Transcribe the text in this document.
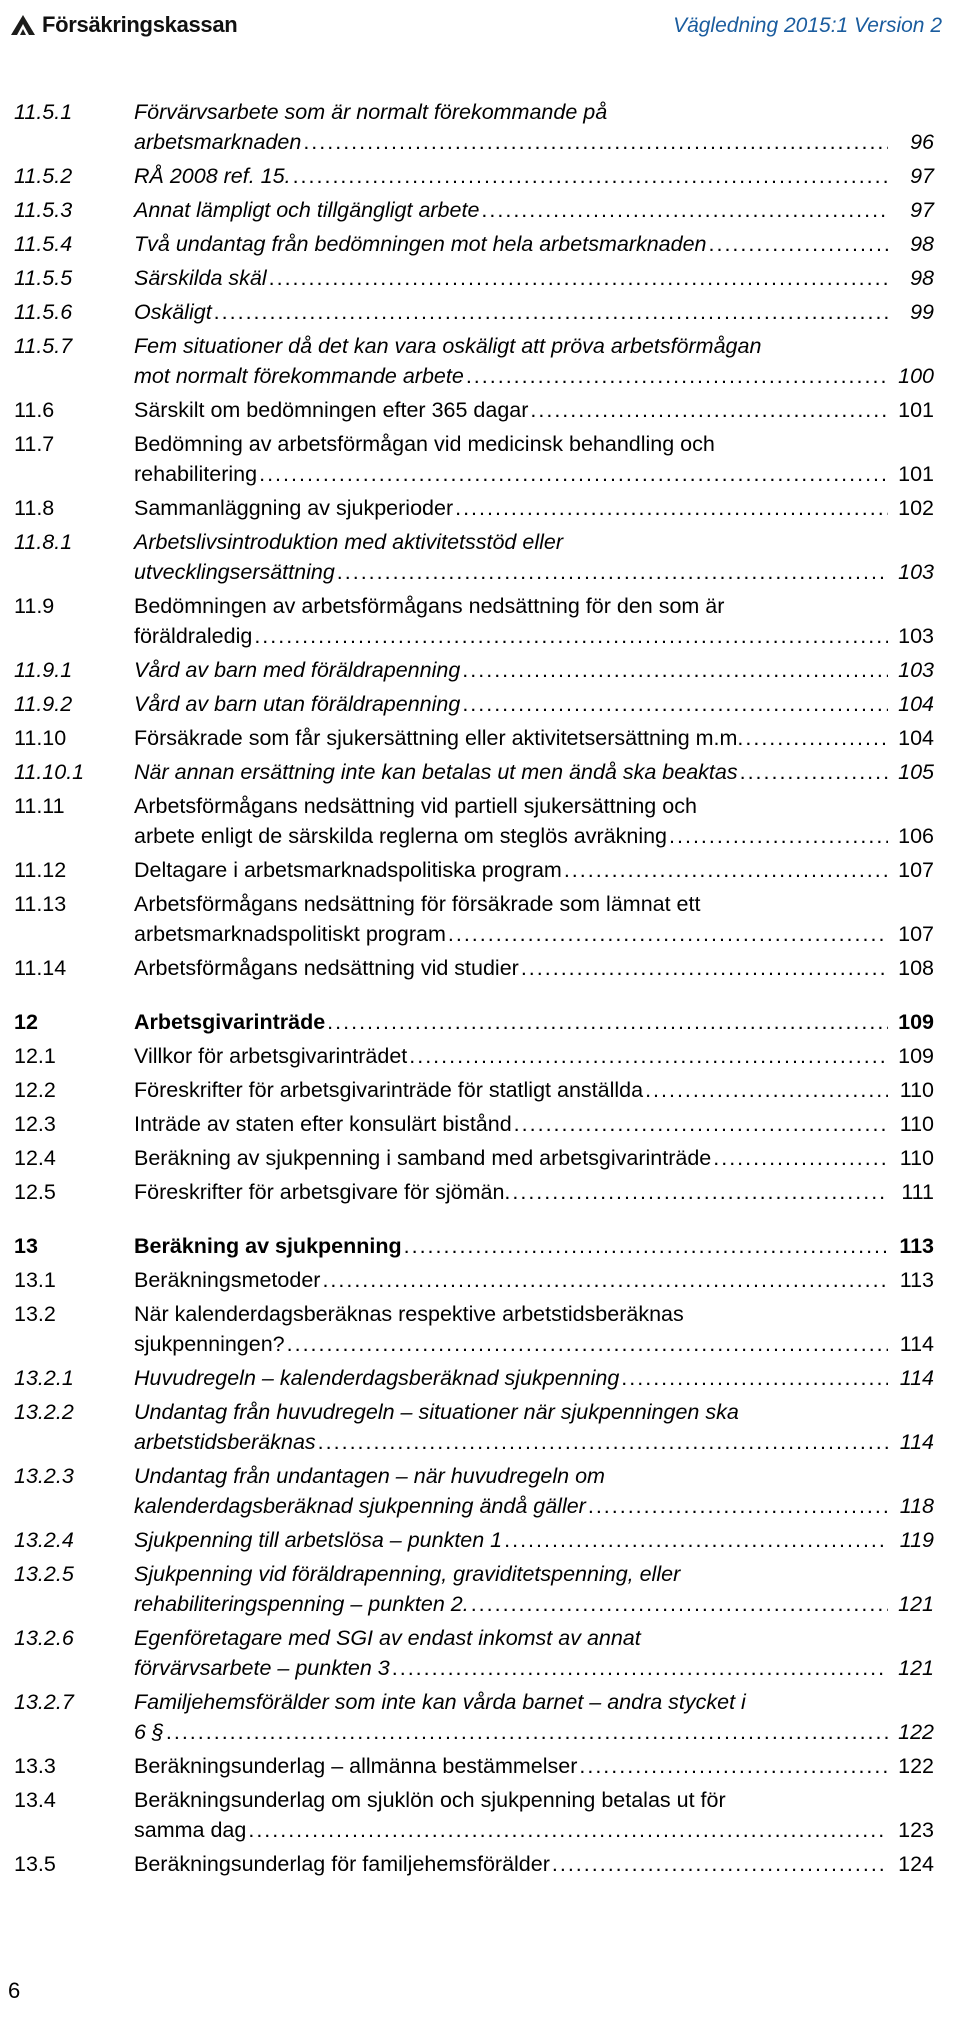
Försäkringskassan	Vägledning 2015:1 Version 2
11.5.1	Förvärvsarbete som är normalt förekommande på
arbetsmarknaden .....	96
11.5.2	RÅ 2008 ref. 15. .....	97
11.5.3	Annat lämpligt och tillgängligt arbete .....	97
11.5.4	Två undantag från bedömningen mot hela arbetsmarknaden .....	98
11.5.5	Särskilda skäl .....	98
11.5.6	Oskäligt .....	99
11.5.7	Fem situationer då det kan vara oskäligt att pröva arbetsförmågan
mot normalt förekommande arbete .....	100
11.6	Särskilt om bedömningen efter 365 dagar .....	101
11.7	Bedömning av arbetsförmågan vid medicinsk behandling och
rehabilitering .....	101
11.8	Sammanläggning av sjukperioder .....	102
11.8.1	Arbetslivsintroduktion med aktivitetsstöd eller
utvecklingsersättning .....	103
11.9	Bedömningen av arbetsförmågans nedsättning för den som är
föräldraledig .....	103
11.9.1	Vård av barn med föräldrapenning .....	103
11.9.2	Vård av barn utan föräldrapenning .....	104
11.10	Försäkrade som får sjukersättning eller aktivitetsersättning m.m. .....	104
11.10.1	När annan ersättning inte kan betalas ut men ändå ska beaktas .....	105
11.11	Arbetsförmågans nedsättning vid partiell sjukersättning och
arbete enligt de särskilda reglerna om steglös avräkning .....	106
11.12	Deltagare i arbetsmarknadspolitiska program .....	107
11.13	Arbetsförmågans nedsättning för försäkrade som lämnat ett
arbetsmarknadspolitiskt program .....	107
11.14	Arbetsförmågans nedsättning vid studier .....	108
12	Arbetsgivarinträde .....	109
12.1	Villkor för arbetsgivarinträdet .....	109
12.2	Föreskrifter för arbetsgivarinträde för statligt anställda .....	110
12.3	Inträde av staten efter konsulärt bistånd .....	110
12.4	Beräkning av sjukpenning i samband med arbetsgivarinträde .....	110
12.5	Föreskrifter för arbetsgivare för sjömän. .....	111
13	Beräkning av sjukpenning .....	113
13.1	Beräkningsmetoder .....	113
13.2	När kalenderdagsberäknas respektive arbetstidsberäknas
sjukpenningen? .....	114
13.2.1	Huvudregeln – kalenderdagsberäknad sjukpenning .....	114
13.2.2	Undantag från huvudregeln – situationer när sjukpenningen ska
arbetstidsberäknas .....	114
13.2.3	Undantag från undantagen – när huvudregeln om
kalenderdagsberäknad sjukpenning ändå gäller .....	118
13.2.4	Sjukpenning till arbetslösa – punkten 1 .....	119
13.2.5	Sjukpenning vid föräldrapenning, graviditetspenning, eller
rehabiliteringspenning – punkten 2. .....	121
13.2.6	Egenföretagare med SGI av endast inkomst av annat
förvärvsarbete – punkten 3 .....	121
13.2.7	Familjehemsförälder som inte kan vårda barnet – andra stycket i
6 § .....	122
13.3	Beräkningsunderlag – allmänna bestämmelser .....	122
13.4	Beräkningsunderlag om sjuklön och sjukpenning betalas ut för
samma dag .....	123
13.5	Beräkningsunderlag för familjehemsförälder .....	124
6
